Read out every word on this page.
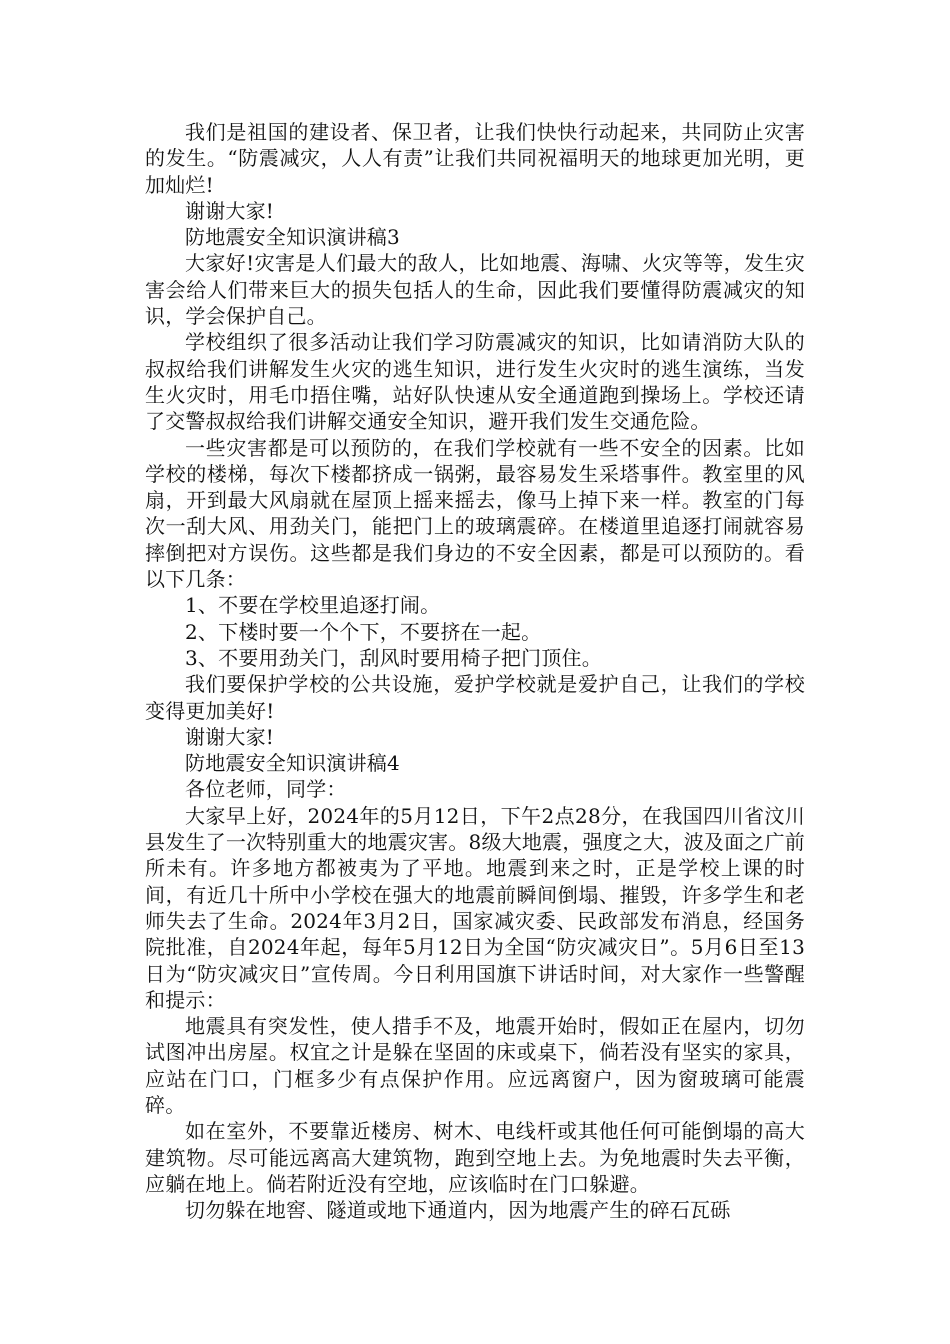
我们是祖国的建设者、保卫者，让我们快快行动起来，共同防止灾害的发生。“防震减灾，人人有责”让我们共同祝福明天的地球更加光明，更加灿烂!

谢谢大家!

防地震安全知识演讲稿3

大家好!灾害是人们最大的敌人，比如地震、海啸、火灾等等，发生灾害会给人们带来巨大的损失包括人的生命，因此我们要懂得防震减灾的知识，学会保护自己。

学校组织了很多活动让我们学习防震减灾的知识，比如请消防大队的叔叔给我们讲解发生火灾的逃生知识，进行发生火灾时的逃生演练，当发生火灾时，用毛巾捂住嘴，站好队快速从安全通道跑到操场上。学校还请了交警叔叔给我们讲解交通安全知识，避开我们发生交通危险。

一些灾害都是可以预防的，在我们学校就有一些不安全的因素。比如学校的楼梯，每次下楼都挤成一锅粥，最容易发生采塔事件。教室里的风扇，开到最大风扇就在屋顶上摇来摇去，像马上掉下来一样。教室的门每次一刮大风、用劲关门，能把门上的玻璃震碎。在楼道里追逐打闹就容易摔倒把对方误伤。这些都是我们身边的不安全因素，都是可以预防的。看以下几条：

1、不要在学校里追逐打闹。

2、下楼时要一个个下，不要挤在一起。

3、不要用劲关门，刮风时要用椅子把门顶住。

我们要保护学校的公共设施，爱护学校就是爱护自己，让我们的学校变得更加美好!

谢谢大家!

防地震安全知识演讲稿4

各位老师，同学：

大家早上好，2024年的5月12日，下午2点28分，在我国四川省汶川县发生了一次特别重大的地震灾害。8级大地震，强度之大，波及面之广前所未有。许多地方都被夷为了平地。地震到来之时，正是学校上课的时间，有近几十所中小学校在强大的地震前瞬间倒塌、摧毁，许多学生和老师失去了生命。2024年3月2日，国家减灾委、民政部发布消息，经国务院批准，自2024年起，每年5月12日为全国“防灾减灾日”。5月6日至13日为“防灾减灾日”宣传周。今日利用国旗下讲话时间，对大家作一些警醒和提示：

地震具有突发性，使人措手不及，地震开始时，假如正在屋内，切勿试图冲出房屋。权宜之计是躲在坚固的床或桌下，倘若没有坚实的家具，应站在门口，门框多少有点保护作用。应远离窗户，因为窗玻璃可能震碎。

如在室外，不要靠近楼房、树木、电线杆或其他任何可能倒塌的高大建筑物。尽可能远离高大建筑物，跑到空地上去。为免地震时失去平衡，应躺在地上。倘若附近没有空地，应该临时在门口躲避。

切勿躲在地窖、隧道或地下通道内，因为地震产生的碎石瓦砾
